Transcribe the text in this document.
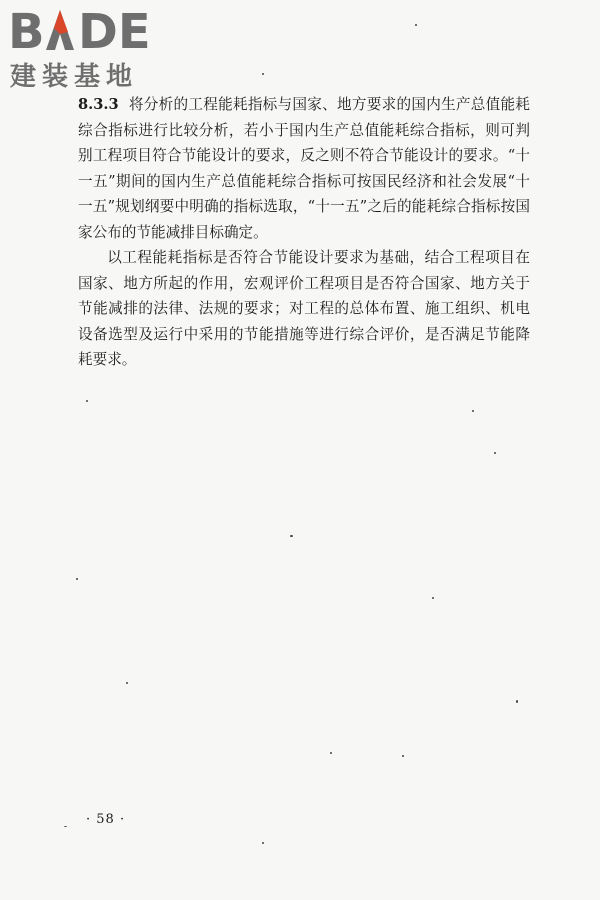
B DE
建装基地

8.3.3 将分析的工程能耗指标与国家、地方要求的国内生产总值能耗综合指标进行比较分析，若小于国内生产总值能耗综合指标，则可判别工程项目符合节能设计的要求，反之则不符合节能设计的要求。“十一五”期间的国内生产总值能耗综合指标可按国民经济和社会发展“十一五”规划纲要中明确的指标选取，“十一五”之后的能耗综合指标按国家公布的节能减排目标确定。

以工程能耗指标是否符合节能设计要求为基础，结合工程项目在国家、地方所起的作用，宏观评价工程项目是否符合国家、地方关于节能减排的法律、法规的要求；对工程的总体布置、施工组织、机电设备选型及运行中采用的节能措施等进行综合评价，是否满足节能降耗要求。

· 58 ·
